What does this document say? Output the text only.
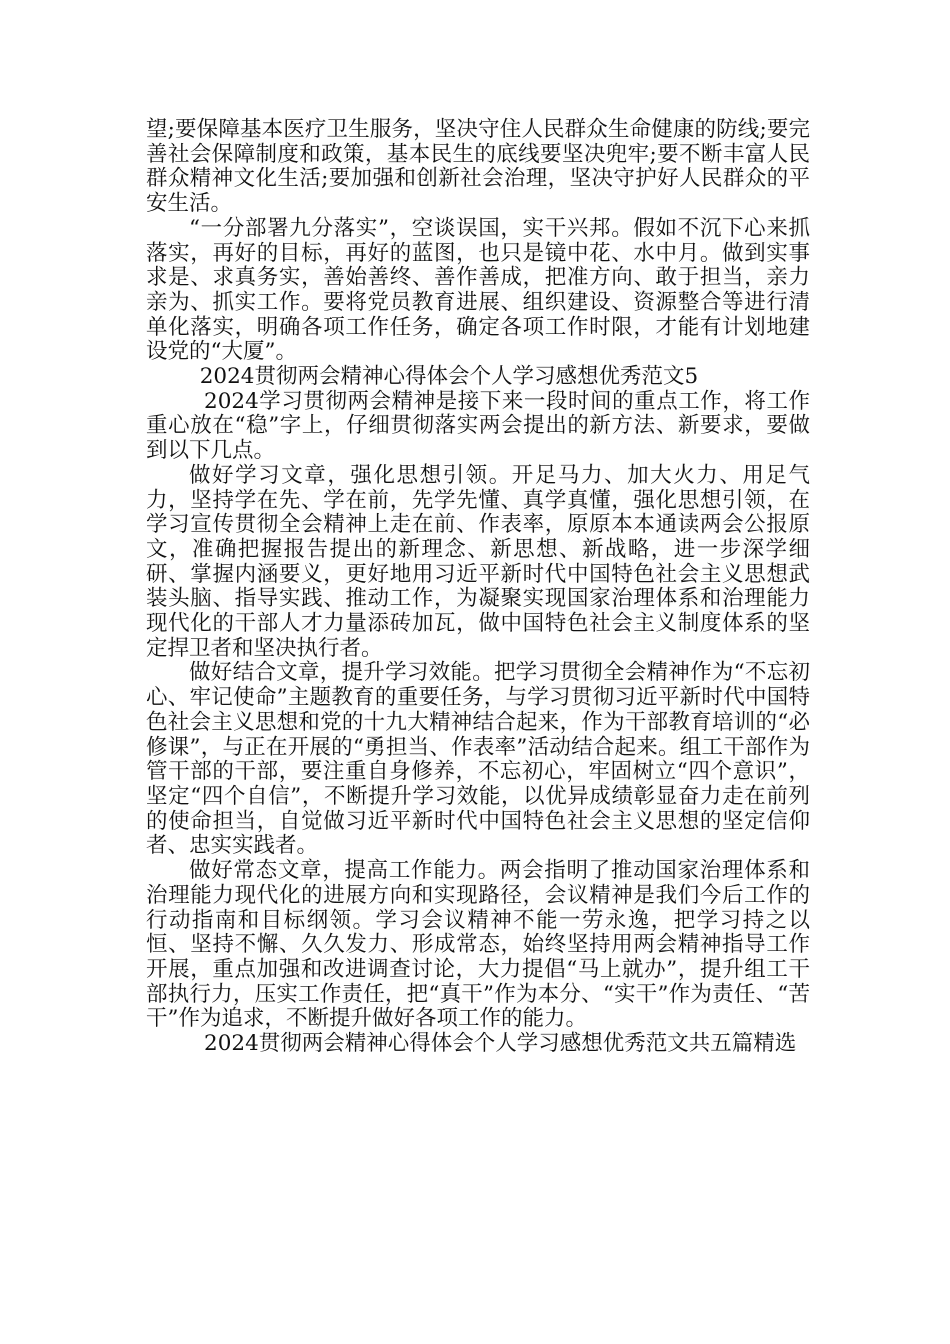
望;要保障基本医疗卫生服务，坚决守住人民群众生命健康的防线;要完善社会保障制度和政策，基本民生的底线要坚决兜牢;要不断丰富人民群众精神文化生活;要加强和创新社会治理，坚决守护好人民群众的平安生活。

“一分部署九分落实”，空谈误国，实干兴邦。假如不沉下心来抓落实，再好的目标，再好的蓝图，也只是镜中花、水中月。做到实事求是、求真务实，善始善终、善作善成，把准方向、敢于担当，亲力亲为、抓实工作。要将党员教育进展、组织建设、资源整合等进行清单化落实，明确各项工作任务，确定各项工作时限，才能有计划地建设党的“大厦”。

2024贯彻两会精神心得体会个人学习感想优秀范文5

2024学习贯彻两会精神是接下来一段时间的重点工作，将工作重心放在“稳”字上，仔细贯彻落实两会提出的新方法、新要求，要做到以下几点。

做好学习文章，强化思想引领。开足马力、加大火力、用足气力，坚持学在先、学在前，先学先懂、真学真懂，强化思想引领，在学习宣传贯彻全会精神上走在前、作表率，原原本本通读两会公报原文，准确把握报告提出的新理念、新思想、新战略，进一步深学细研、掌握内涵要义，更好地用习近平新时代中国特色社会主义思想武装头脑、指导实践、推动工作，为凝聚实现国家治理体系和治理能力现代化的干部人才力量添砖加瓦，做中国特色社会主义制度体系的坚定捍卫者和坚决执行者。

做好结合文章，提升学习效能。把学习贯彻全会精神作为“不忘初心、牢记使命”主题教育的重要任务，与学习贯彻习近平新时代中国特色社会主义思想和党的十九大精神结合起来，作为干部教育培训的“必修课”，与正在开展的“勇担当、作表率”活动结合起来。组工干部作为管干部的干部，要注重自身修养，不忘初心，牢固树立“四个意识”，坚定“四个自信”，不断提升学习效能，以优异成绩彰显奋力走在前列的使命担当，自觉做习近平新时代中国特色社会主义思想的坚定信仰者、忠实实践者。

做好常态文章，提高工作能力。两会指明了推动国家治理体系和治理能力现代化的进展方向和实现路径，会议精神是我们今后工作的行动指南和目标纲领。学习会议精神不能一劳永逸，把学习持之以恒、坚持不懈、久久发力、形成常态，始终坚持用两会精神指导工作开展，重点加强和改进调查讨论，大力提倡“马上就办”，提升组工干部执行力，压实工作责任，把“真干”作为本分、“实干”作为责任、“苦干”作为追求，不断提升做好各项工作的能力。

2024贯彻两会精神心得体会个人学习感想优秀范文共五篇精选
